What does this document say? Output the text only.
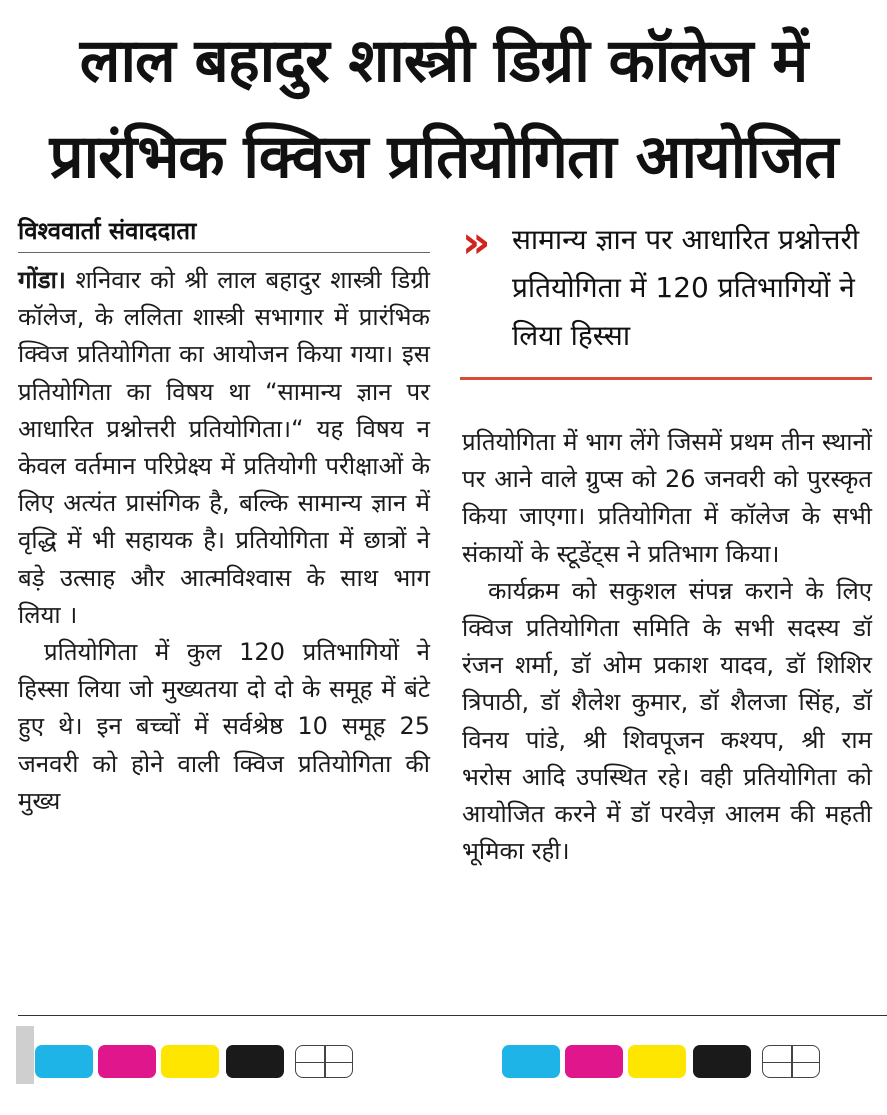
लाल बहादुर शास्त्री डिग्री कॉलेज में
प्रारंभिक क्विज प्रतियोगिता आयोजित
विश्ववार्ता संवाददाता

गोंडा। शनिवार को श्री लाल बहादुर शास्त्री डिग्री कॉलेज, के ललिता शास्त्री सभागार में प्रारंभिक क्विज प्रतियोगिता का आयोजन किया गया। इस प्रतियोगिता का विषय था “सामान्य ज्ञान पर आधारित प्रश्नोत्तरी प्रतियोगिता।“ यह विषय न केवल वर्तमान परिप्रेक्ष्य में प्रतियोगी परीक्षाओं के लिए अत्यंत प्रासंगिक है, बल्कि सामान्य ज्ञान में वृद्धि में भी सहायक है। प्रतियोगिता में छात्रों ने बड़े उत्साह और आत्मविश्वास के साथ भाग लिया ।

प्रतियोगिता में कुल 120 प्रतिभागियों ने हिस्सा लिया जो मुख्यतया दो दो के समूह में बंटे हुए थे। इन बच्चों में सर्वश्रेष्ठ 10 समूह 25 जनवरी को होने वाली क्विज प्रतियोगिता की मुख्य

» सामान्य ज्ञान पर आधारित प्रश्नोत्तरी प्रतियोगिता में 120 प्रतिभागियों ने लिया हिस्सा

प्रतियोगिता में भाग लेंगे जिसमें प्रथम तीन स्थानों पर आने वाले ग्रुप्स को 26 जनवरी को पुरस्कृत किया जाएगा। प्रतियोगिता में कॉलेज के सभी संकायों के स्टूडेंट्स ने प्रतिभाग किया।

कार्यक्रम को सकुशल संपन्न कराने के लिए क्विज प्रतियोगिता समिति के सभी सदस्य डॉ रंजन शर्मा, डॉ ओम प्रकाश यादव, डॉ शिशिर त्रिपाठी, डॉ शैलेश कुमार, डॉ शैलजा सिंह, डॉ विनय पांडे, श्री शिवपूजन कश्यप, श्री राम भरोस आदि उपस्थित रहे। वही प्रतियोगिता को आयोजित करने में डॉ परवेज़ आलम की महती भूमिका रही।
